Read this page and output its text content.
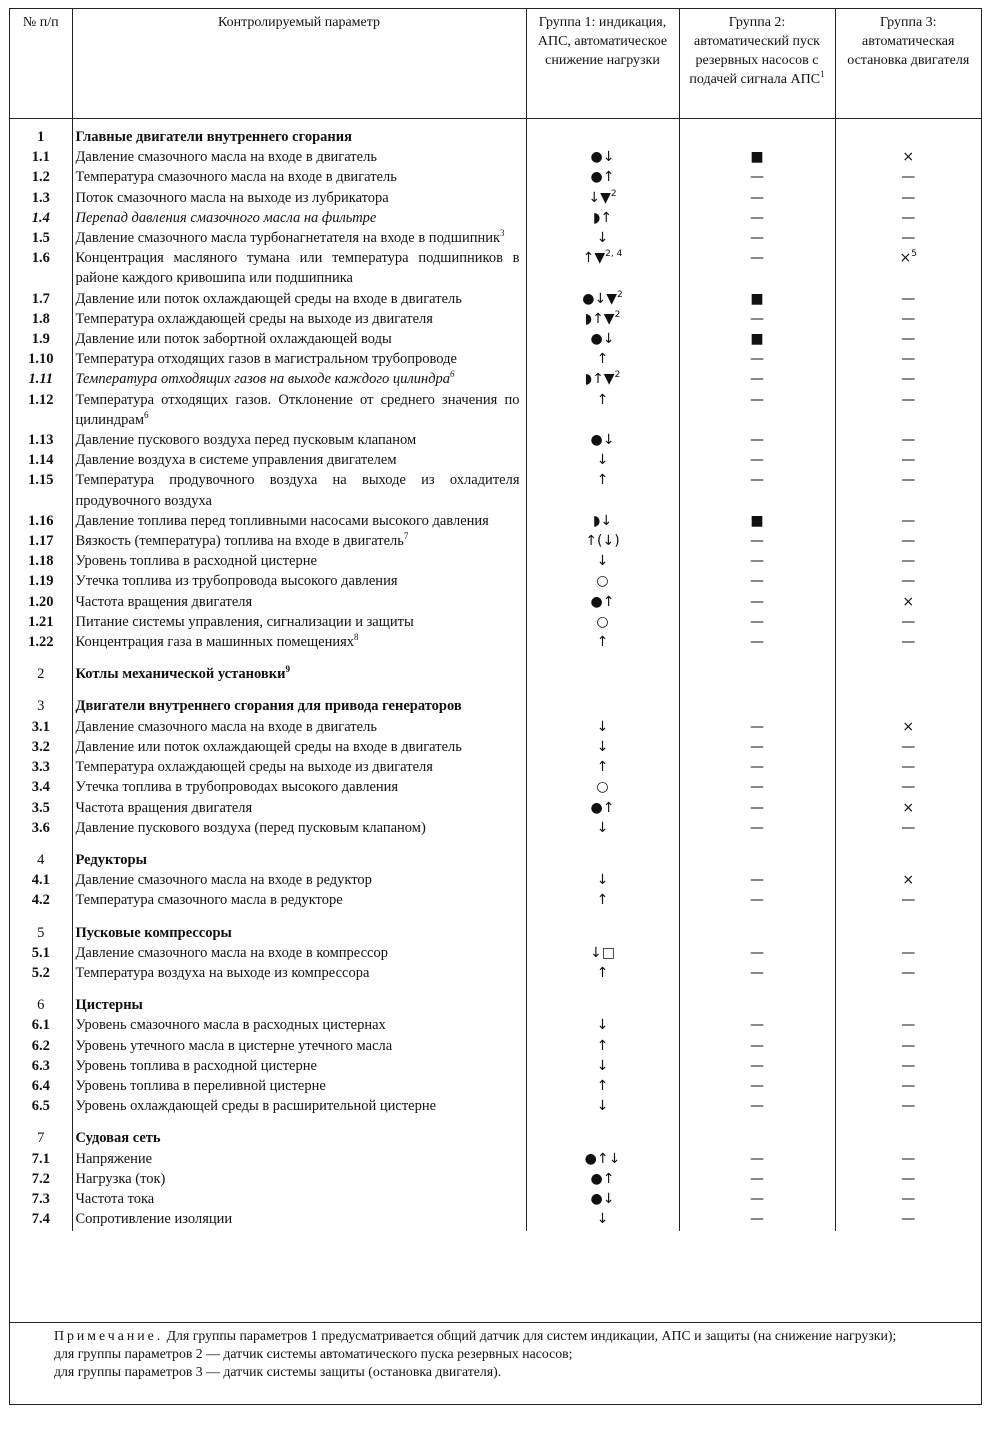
№ п/п	Контролируемый параметр	Группа 1: индикация, АПС, автоматическое снижение нагрузки	Группа 2: автоматический пуск резервных насосов с подачей сигнала АПС$^1$	Группа 3: автоматическая остановка двигателя
1	Главные двигатели внутреннего сгорания			
1.1	Давление смазочного масла на входе в двигатель	●↓	■	×
1.2	Температура смазочного масла на входе в двигатель	●↑	—	—
1.3	Поток смазочного масла на выходе из лубрикатора	↓▼$^2$	—	—
1.4	Перепад давления смазочного масла на фильтре	◗↑	—	—
1.5	Давление смазочного масла турбонагнетателя на входе в подшипник$^3$	↓	—	—
1.6	Концентрация масляного тумана или температура подшипников в районе каждого кривошипа или подшипника	↑▼$^{2, 4}$	—	×$^5$
1.7	Давление или поток охлаждающей среды на входе в двигатель	●↓▼$^2$	■	—
1.8	Температура охлаждающей среды на выходе из двигателя	◗↑▼$^2$	—	—
1.9	Давление или поток забортной охлаждающей воды	●↓	■	—
1.10	Температура отходящих газов в магистральном трубопроводе	↑	—	—
1.11	Температура отходящих газов на выходе каждого цилиндра$^6$	◗↑▼$^2$	—	—
1.12	Температура отходящих газов. Отклонение от среднего значения по цилиндрам$^6$	↑	—	—
1.13	Давление пускового воздуха перед пусковым клапаном	●↓	—	—
1.14	Давление воздуха в системе управления двигателем	↓	—	—
1.15	Температура продувочного воздуха на выходе из охладителя продувочного воздуха	↑	—	—
1.16	Давление топлива перед топливными насосами высокого давления	◗↓	■	—
1.17	Вязкость (температура) топлива на входе в двигатель$^7$	↑(↓)	—	—
1.18	Уровень топлива в расходной цистерне	↓	—	—
1.19	Утечка топлива из трубопровода высокого давления	○	—	—
1.20	Частота вращения двигателя	●↑	—	×
1.21	Питание системы управления, сигнализации и защиты	○	—	—
1.22	Концентрация газа в машинных помещениях$^8$	↑	—	—

2	Котлы механической установки$^9$			

3	Двигатели внутреннего сгорания для привода генераторов			
3.1	Давление смазочного масла на входе в двигатель	↓	—	×
3.2	Давление или поток охлаждающей среды на входе в двигатель	↓	—	—
3.3	Температура охлаждающей среды на выходе из двигателя	↑	—	—
3.4	Утечка топлива в трубопроводах высокого давления	○	—	—
3.5	Частота вращения двигателя	●↑	—	×
3.6	Давление пускового воздуха (перед пусковым клапаном)	↓	—	—

4	Редукторы			
4.1	Давление смазочного масла на входе в редуктор	↓	—	×
4.2	Температура смазочного масла в редукторе	↑	—	—

5	Пусковые компрессоры			
5.1	Давление смазочного масла на входе в компрессор	↓□	—	—
5.2	Температура воздуха на выходе из компрессора	↑	—	—

6	Цистерны			
6.1	Уровень смазочного масла в расходных цистернах	↓	—	—
6.2	Уровень утечного масла в цистерне утечного масла	↑	—	—
6.3	Уровень топлива в расходной цистерне	↓	—	—
6.4	Уровень топлива в переливной цистерне	↑	—	—
6.5	Уровень охлаждающей среды в расширительной цистерне	↓	—	—

7	Судовая сеть			
7.1	Напряжение	●↑↓	—	—
7.2	Нагрузка (ток)	●↑	—	—
7.3	Частота тока	●↓	—	—
7.4	Сопротивление изоляции	↓	—	—

Примечание. Для группы параметров 1 предусматривается общий датчик для систем индикации, АПС и защиты (на снижение нагрузки);

для группы параметров 2 — датчик системы автоматического пуска резервных насосов;

для группы параметров 3 — датчик системы защиты (остановка двигателя).
